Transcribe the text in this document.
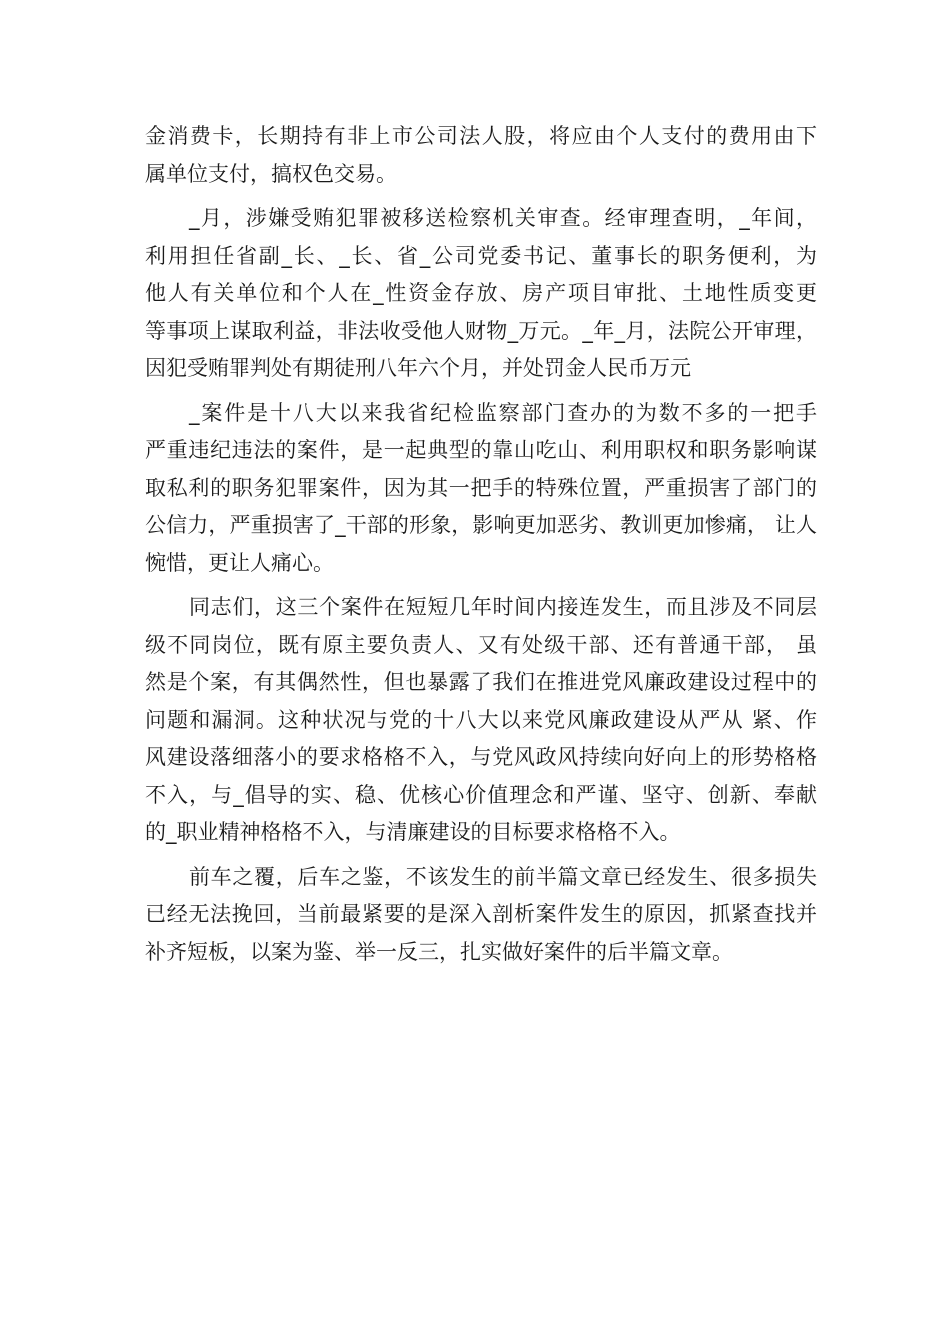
金消费卡，长期持有非上市公司法人股，将应由个人支付的费用由下
属单位支付，搞权色交易。
_月，涉嫌受贿犯罪被移送检察机关审查。经审理查明，_年间，
利用担任省副_长、_长、省_公司党委书记、董事长的职务便利，为
他人有关单位和个人在_性资金存放、房产项目审批、土地性质变更
等事项上谋取利益，非法收受他人财物_万元。_年_月，法院公开审理，
因犯受贿罪判处有期徒刑八年六个月，并处罚金人民币万元
_案件是十八大以来我省纪检监察部门查办的为数不多的一把手
严重违纪违法的案件，是一起典型的靠山吃山、利用职权和职务影响谋
取私利的职务犯罪案件，因为其一把手的特殊位置，严重损害了部门的
公信力，严重损害了_干部的形象，影响更加恶劣、教训更加惨痛， 让人
惋惜，更让人痛心。
同志们，这三个案件在短短几年时间内接连发生，而且涉及不同层
级不同岗位，既有原主要负责人、又有处级干部、还有普通干部， 虽
然是个案，有其偶然性，但也暴露了我们在推进党风廉政建设过程中的
问题和漏洞。这种状况与党的十八大以来党风廉政建设从严从 紧、作
风建设落细落小的要求格格不入，与党风政风持续向好向上的形势格格
不入，与_倡导的实、稳、优核心价值理念和严谨、坚守、创新、奉献
的_职业精神格格不入，与清廉建设的目标要求格格不入。
前车之覆，后车之鉴，不该发生的前半篇文章已经发生、很多损失
已经无法挽回，当前最紧要的是深入剖析案件发生的原因，抓紧查找并
补齐短板，以案为鉴、举一反三，扎实做好案件的后半篇文章。
